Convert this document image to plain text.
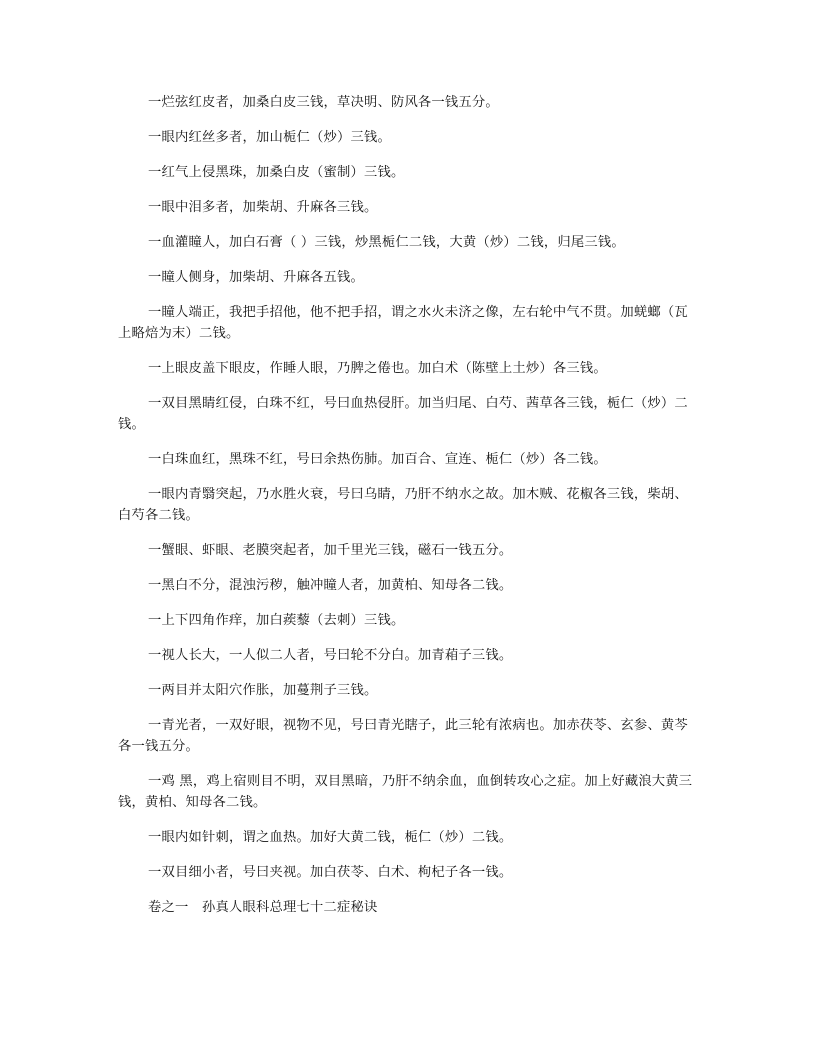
一烂弦红皮者，加桑白皮三钱，草决明、防风各一钱五分。

一眼内红丝多者，加山栀仁（炒）三钱。

一红气上侵黑珠，加桑白皮（蜜制）三钱。

一眼中泪多者，加柴胡、升麻各三钱。

一血灌瞳人，加白石膏（ ）三钱，炒黑栀仁二钱，大黄（炒）二钱，归尾三钱。

一瞳人侧身，加柴胡、升麻各五钱。

一瞳人端正，我把手招他，他不把手招，谓之水火未济之像，左右轮中气不贯。加蜣螂（瓦上略焙为末）二钱。

一上眼皮盖下眼皮，作睡人眼，乃脾之倦也。加白术（陈壁上土炒）各三钱。

一双目黑睛红侵，白珠不红，号曰血热侵肝。加当归尾、白芍、茜草各三钱，栀仁（炒）二钱。

一白珠血红，黑珠不红，号曰余热伤肺。加百合、宣连、栀仁（炒）各二钱。

一眼内青翳突起，乃水胜火衰，号曰乌睛，乃肝不纳水之故。加木贼、花椒各三钱，柴胡、白芍各二钱。

一蟹眼、虾眼、老膜突起者，加千里光三钱，磁石一钱五分。

一黑白不分，混浊污秽，触冲瞳人者，加黄柏、知母各二钱。

一上下四角作痒，加白蒺藜（去刺）三钱。

一视人长大，一人似二人者，号曰轮不分白。加青葙子三钱。

一两目并太阳穴作胀，加蔓荆子三钱。

一青光者，一双好眼，视物不见，号曰青光瞎子，此三轮有浓病也。加赤茯苓、玄参、黄芩各一钱五分。

一鸡 黑，鸡上宿则目不明，双目黑暗，乃肝不纳余血，血倒转攻心之症。加上好藏浪大黄三钱，黄柏、知母各二钱。

一眼内如针刺，谓之血热。加好大黄二钱，栀仁（炒）二钱。

一双目细小者，号曰夹视。加白茯苓、白术、枸杞子各一钱。

卷之一　孙真人眼科总理七十二症秘诀
